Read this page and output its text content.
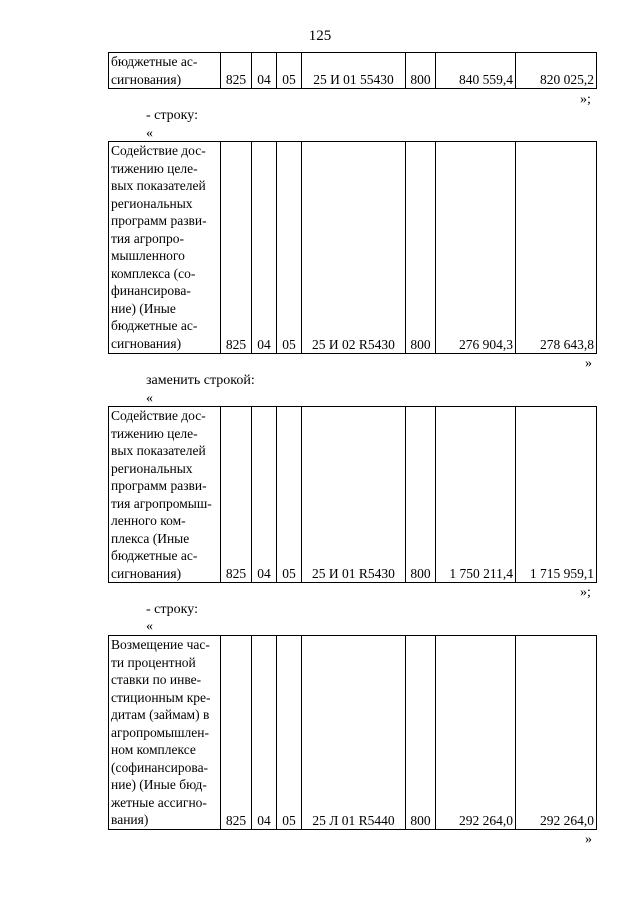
125
бюджетные ас-
сигнования)	825	04	05	25 И 01 55430	800	840 559,4	820 025,2
»;
- строку:
«
Содействие дос-
тижению целе-
вых показателей
региональных
программ разви-
тия агропро-
мышленного
комплекса (со-
финансирова-
ние) (Иные
бюджетные ас-
сигнования)	825	04	05	25 И 02 R5430	800	276 904,3	278 643,8
»
заменить строкой:
«
Содействие дос-
тижению целе-
вых показателей
региональных
программ разви-
тия агропромыш-
ленного ком-
плекса (Иные
бюджетные ас-
сигнования)	825	04	05	25 И 01 R5430	800	1 750 211,4	1 715 959,1
»;
- строку:
«
Возмещение час-
ти процентной
ставки по инве-
стиционным кре-
дитам (займам) в
агропромышлен-
ном комплексе
(софинансирова-
ние) (Иные бюд-
жетные ассигно-
вания)	825	04	05	25 Л 01 R5440	800	292 264,0	292 264,0
»
